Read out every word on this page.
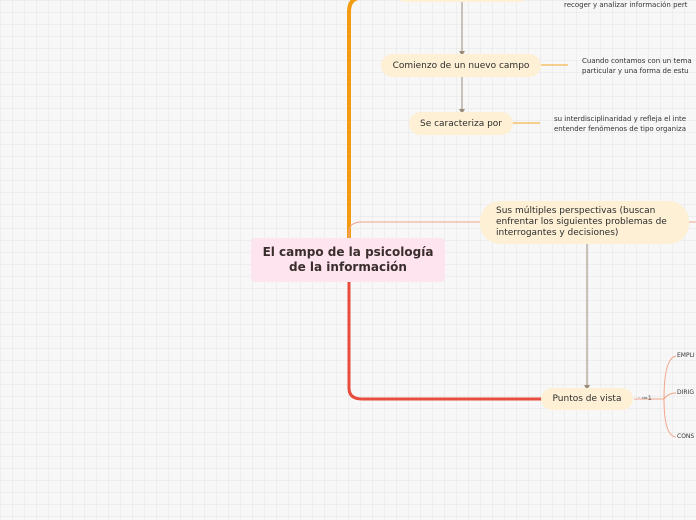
recoger y analizar información pert
El campo de la psicología de la información
Comienzo de un nuevo campo	Cuando contamos con un tema
particular y una forma de estu
Se caracteriza por	su interdisciplinaridad y refleja el inte
entender fenómenos de tipo organiza
Sus múltiples perspectivas (buscan enfrentar los siguientes problemas de interrogantes y decisiones)
Puntos de vista	· ≔1
EMPLI
DIRIG
CONS
